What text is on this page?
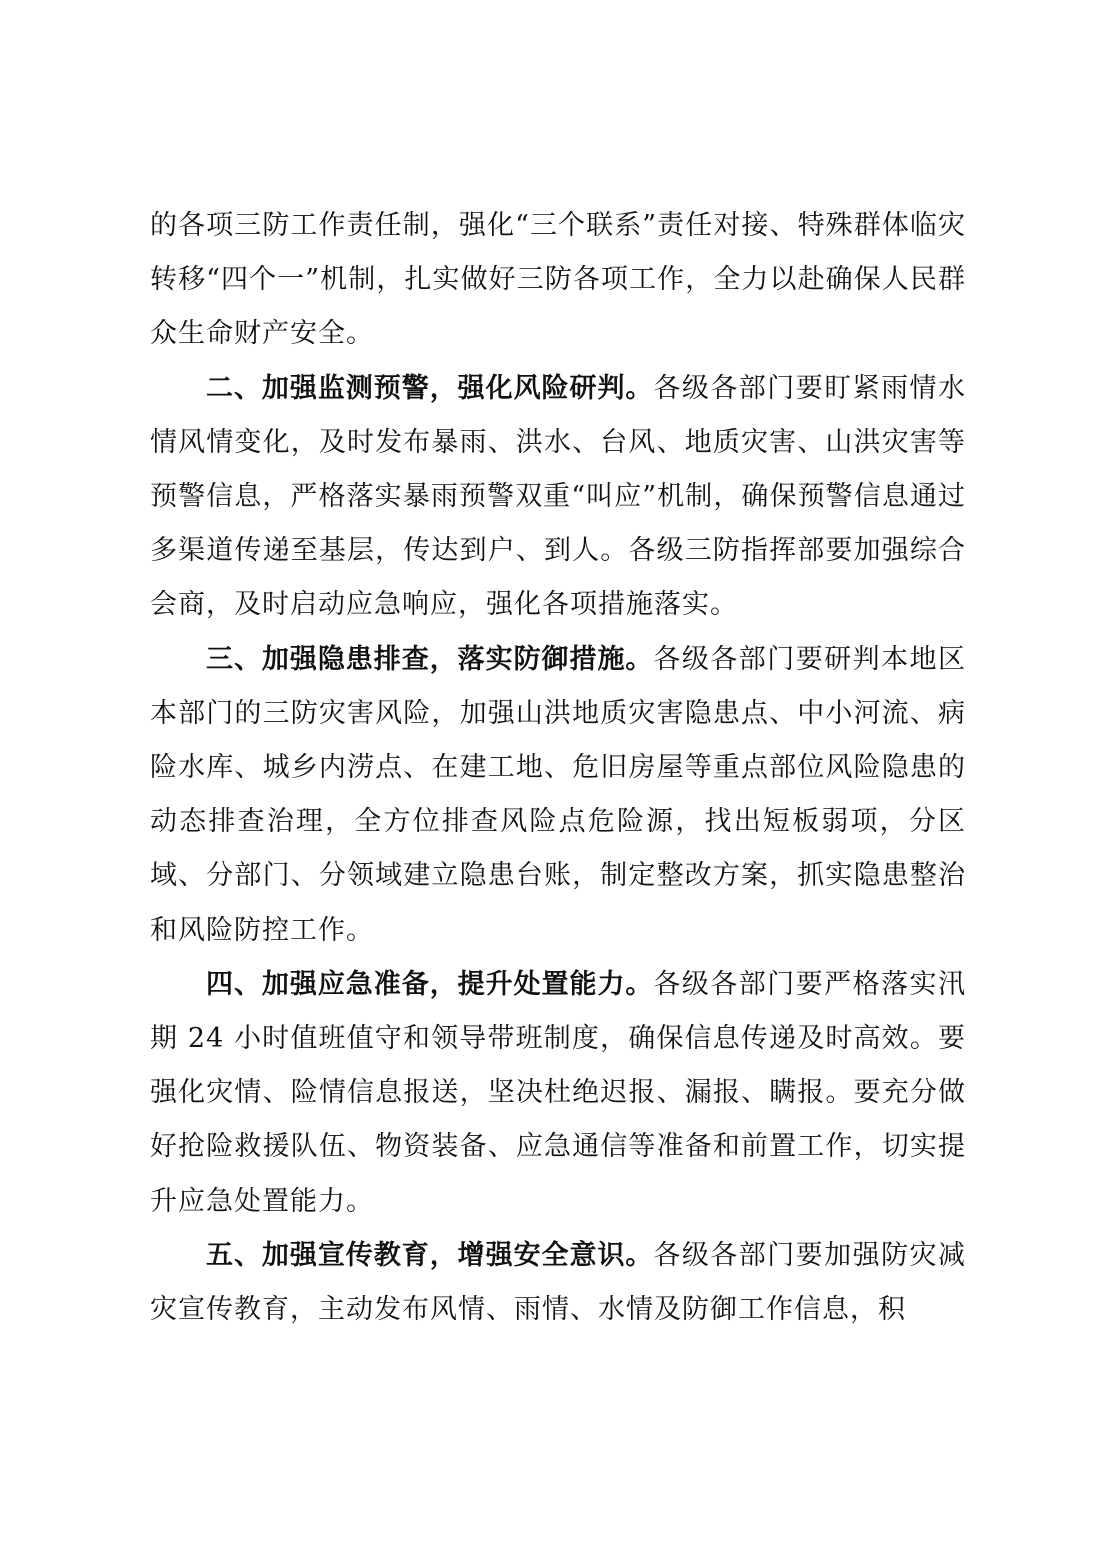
的各项三防工作责任制，强化“三个联系”责任对接、特殊群体临灾转移“四个一”机制，扎实做好三防各项工作，全力以赴确保人民群众生命财产安全。

二、加强监测预警，强化风险研判。各级各部门要盯紧雨情水情风情变化，及时发布暴雨、洪水、台风、地质灾害、山洪灾害等预警信息，严格落实暴雨预警双重“叫应”机制，确保预警信息通过多渠道传递至基层，传达到户、到人。各级三防指挥部要加强综合会商，及时启动应急响应，强化各项措施落实。

三、加强隐患排查，落实防御措施。各级各部门要研判本地区本部门的三防灾害风险，加强山洪地质灾害隐患点、中小河流、病险水库、城乡内涝点、在建工地、危旧房屋等重点部位风险隐患的动态排查治理，全方位排查风险点危险源，找出短板弱项，分区域、分部门、分领域建立隐患台账，制定整改方案，抓实隐患整治和风险防控工作。

四、加强应急准备，提升处置能力。各级各部门要严格落实汛期 24 小时值班值守和领导带班制度，确保信息传递及时高效。要强化灾情、险情信息报送，坚决杜绝迟报、漏报、瞒报。要充分做好抢险救援队伍、物资装备、应急通信等准备和前置工作，切实提升应急处置能力。

五、加强宣传教育，增强安全意识。各级各部门要加强防灾减灾宣传教育，主动发布风情、雨情、水情及防御工作信息，积
